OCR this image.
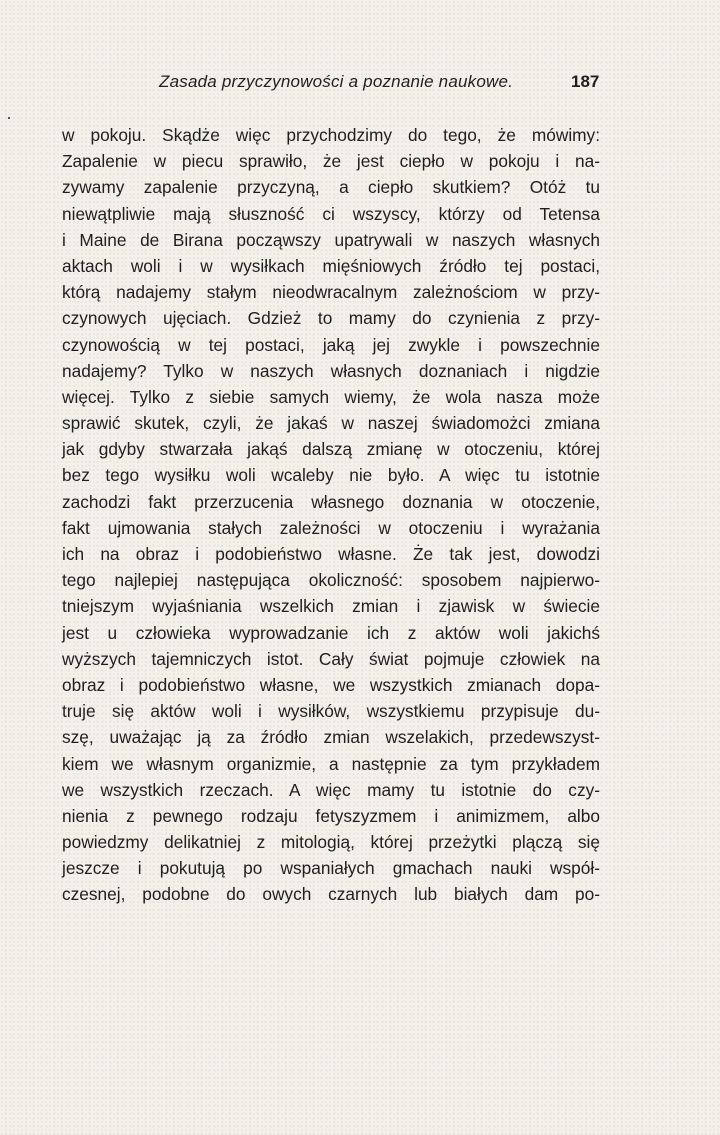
Zasada przyczynowości a poznanie naukowe.	187
w pokoju. Skądże więc przychodzimy do tego, że mówimy:
Zapalenie w piecu sprawiło, że jest ciepło w pokoju i na-
zywamy zapalenie przyczyną, a ciepło skutkiem? Otóż tu
niewątpliwie mają słuszność ci wszyscy, którzy od Tetensa
i Maine de Birana począwszy upatrywali w naszych własnych
aktach woli i w wysiłkach mięśniowych źródło tej postaci,
którą nadajemy stałym nieodwracalnym zależnościom w przy-
czynowych ujęciach. Gdzież to mamy do czynienia z przy-
czynowością w tej postaci, jaką jej zwykle i powszechnie
nadajemy? Tylko w naszych własnych doznaniach i nigdzie
więcej. Tylko z siebie samych wiemy, że wola nasza może
sprawić skutek, czyli, że jakaś w naszej świadomożci zmiana
jak gdyby stwarzała jakąś dalszą zmianę w otoczeniu, której
bez tego wysiłku woli wcaleby nie było. A więc tu istotnie
zachodzi fakt przerzucenia własnego doznania w otoczenie,
fakt ujmowania stałych zależności w otoczeniu i wyrażania
ich na obraz i podobieństwo własne. Że tak jest, dowodzi
tego najlepiej następująca okoliczność: sposobem najpierwo-
tniejszym wyjaśniania wszelkich zmian i zjawisk w świecie
jest u człowieka wyprowadzanie ich z aktów woli jakichś
wyższych tajemniczych istot. Cały świat pojmuje człowiek na
obraz i podobieństwo własne, we wszystkich zmianach dopa-
truje się aktów woli i wysiłków, wszystkiemu przypisuje du-
szę, uważając ją za źródło zmian wszelakich, przedewszyst-
kiem we własnym organizmie, a następnie za tym przykładem
we wszystkich rzeczach. A więc mamy tu istotnie do czy-
nienia z pewnego rodzaju fetyszyzmem i animizmem, albo
powiedzmy delikatniej z mitologią, której przeżytki plączą się
jeszcze i pokutują po wspaniałych gmachach nauki współ-
czesnej, podobne do owych czarnych lub białych dam po-
